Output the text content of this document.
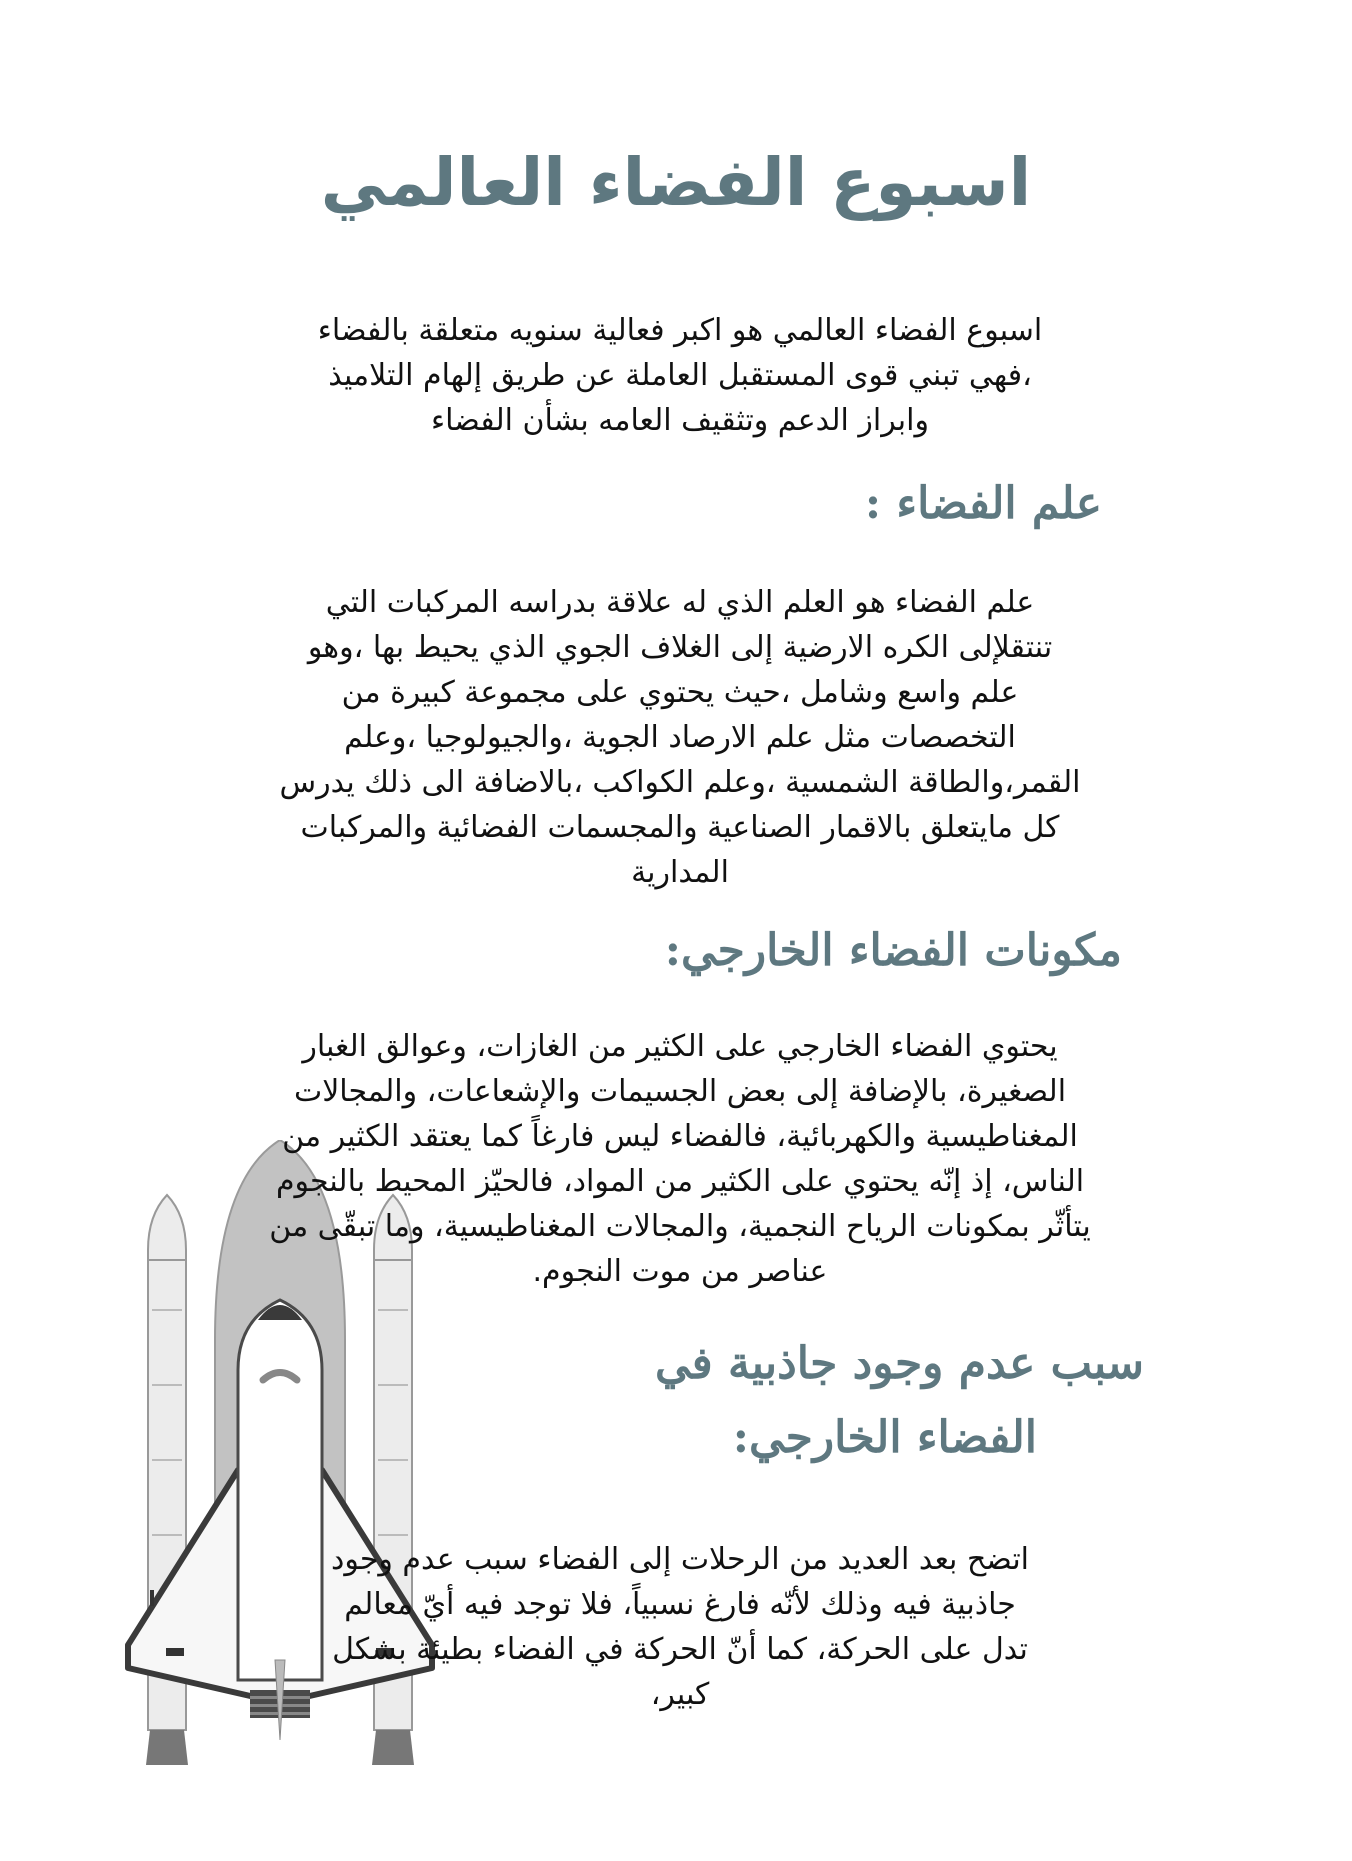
اسبوع الفضاء العالمي
اسبوع الفضاء العالمي هو اكبر فعالية سنويه متعلقة بالفضاء
،فهي تبني قوى المستقبل العاملة عن طريق إلهام التلاميذ
وابراز الدعم وتثقيف العامه بشأن الفضاء
علم الفضاء :
علم الفضاء هو العلم الذي له علاقة بدراسه المركبات التي
تنتقلإلى الكره الارضية إلى الغلاف الجوي الذي يحيط بها ،وهو
علم واسع وشامل ،حيث يحتوي على مجموعة كبيرة من
التخصصات مثل علم الارصاد الجوية ،والجيولوجيا ،وعلم
القمر،والطاقة الشمسية ،وعلم الكواكب ،بالاضافة الى ذلك يدرس
كل مايتعلق بالاقمار الصناعية والمجسمات الفضائية والمركبات
المدارية
مكونات الفضاء الخارجي:
يحتوي الفضاء الخارجي على الكثير من الغازات، وعوالق الغبار
الصغيرة، بالإضافة إلى بعض الجسيمات والإشعاعات، والمجالات
المغناطيسية والكهربائية، فالفضاء ليس فارغاً كما يعتقد الكثير من
الناس، إذ إنّه يحتوي على الكثير من المواد، فالحيّز المحيط بالنجوم
يتأثّر بمكونات الرياح النجمية، والمجالات المغناطيسية، وما تبقّى من
عناصر من موت النجوم.
سبب عدم وجود جاذبية في
الفضاء الخارجي:
اتضح بعد العديد من الرحلات إلى الفضاء سبب عدم وجود
جاذبية فيه وذلك لأنّه فارغ نسبياً، فلا توجد فيه أيّ معالم
تدل على الحركة، كما أنّ الحركة في الفضاء بطيئة بشكل
كبير،
